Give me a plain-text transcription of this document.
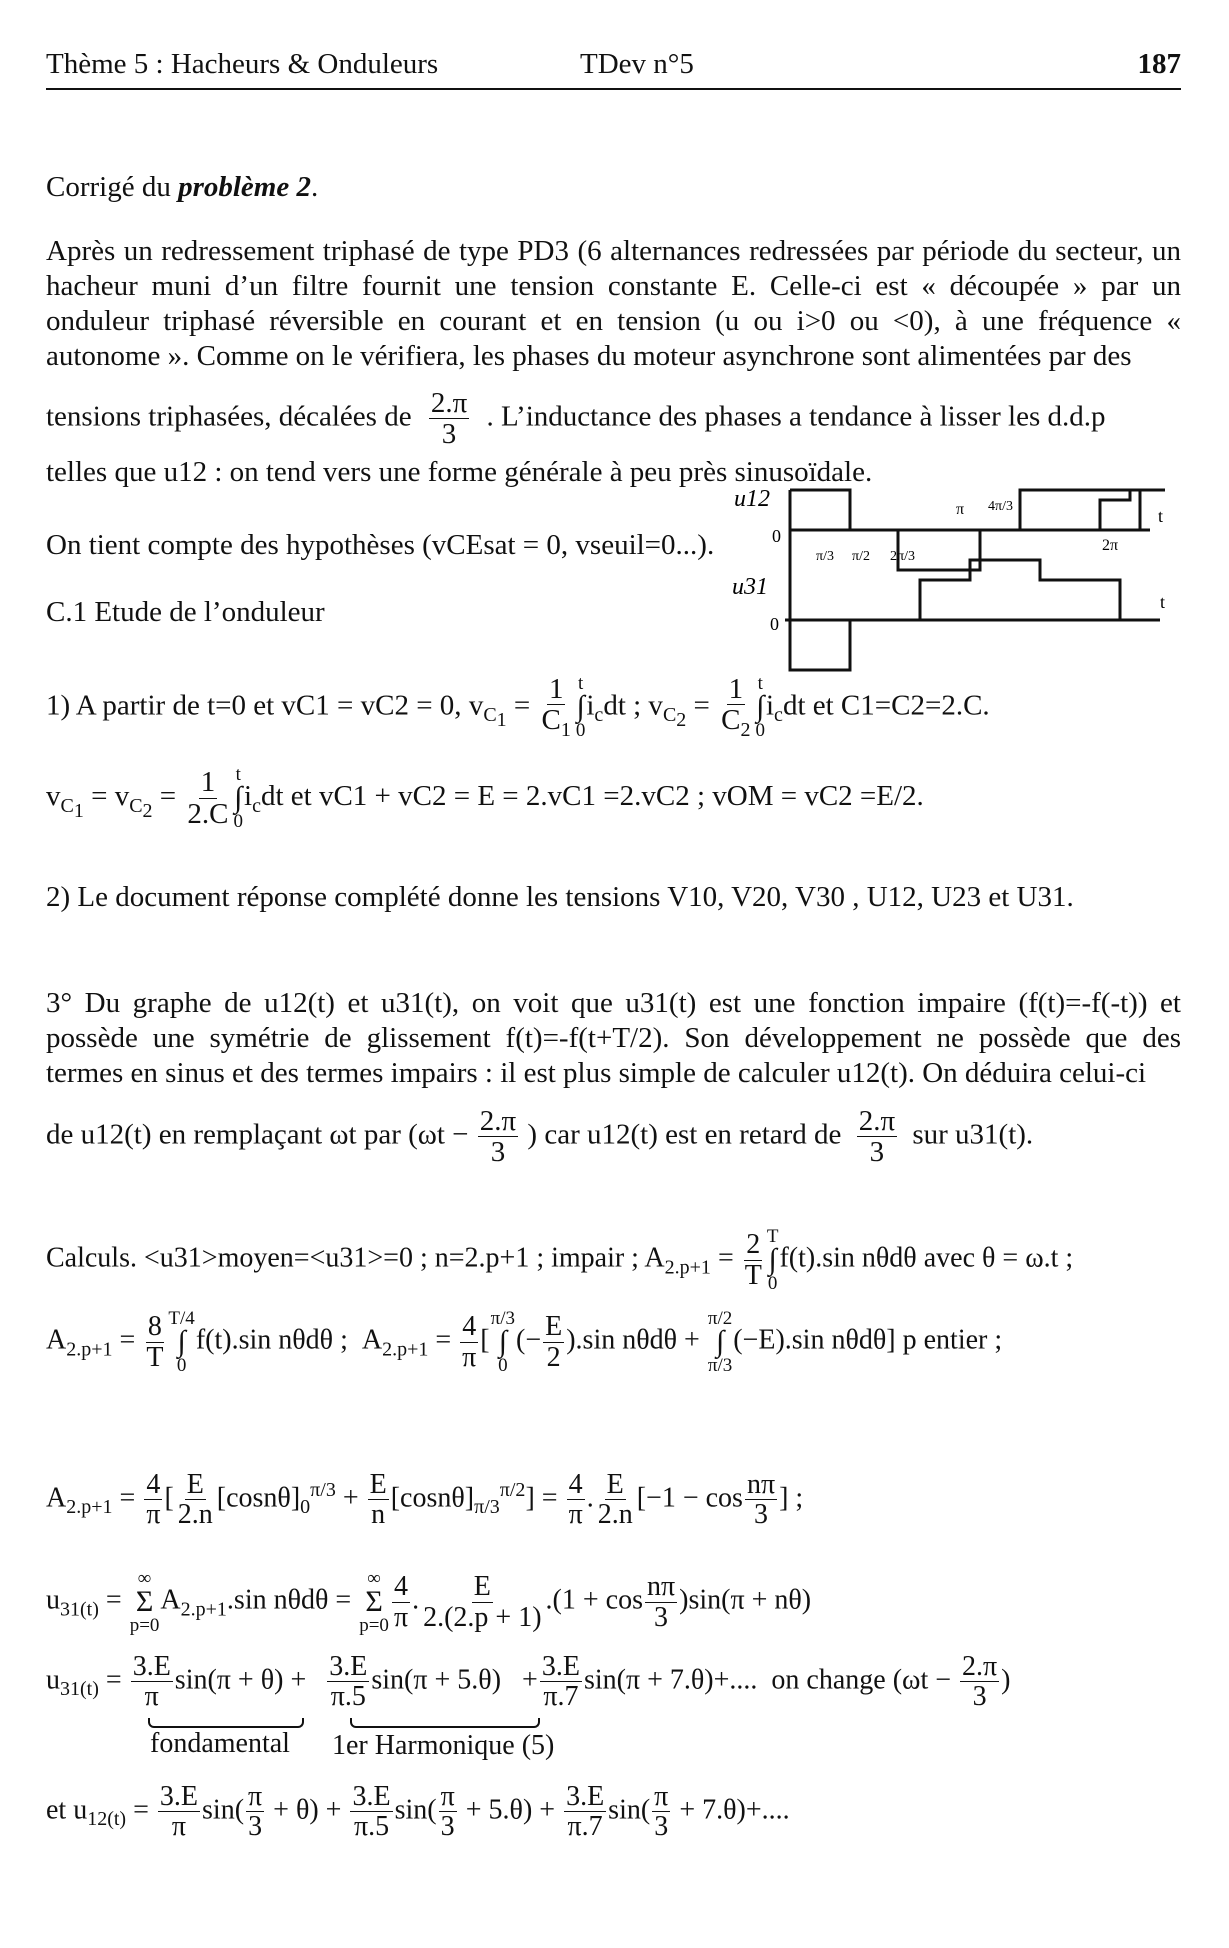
Thème 5 : Hacheurs & Onduleurs	TDev n°5	187
Corrigé du problème 2.
Après un redressement triphasé de type PD3 (6 alternances redressées par période du secteur, un hacheur muni d’un filtre fournit une tension constante E. Celle-ci est « découpée » par un onduleur triphasé réversible en courant et en tension (u ou i>0 ou <0), à une fréquence « autonome ». Comme on le vérifiera, les phases du moteur asynchrone sont alimentées par des
tensions triphasées, décalées de $\frac{2.\pi}{3}$ . L’inductance des phases a tendance à lisser les d.d.p
telles que u12 : on tend vers une forme générale à peu près sinusoïdale.
On tient compte des hypothèses (vCEsat = 0, vseuil=0...).
C.1 Etude de l’onduleur
u12
u31
0
0
π/3 π/2 2π/3
π 4π/3
2π
t
t
1) A partir de t=0 et vC1 = vC2 = 0, $v_{C_1} = \frac{1}{C_1}$ t
∫
0
$i_cdt$ ; $v_{C_2} = \frac{1}{C_2}$ t
∫
0
$i_cdt$ et C1=C2=2.C.
$v_{C_1} = v_{C_2} = \frac{1}{2.C}$ t
∫
0
$i_cdt$ et vC1 + vC2 = E = 2.vC1 =2.vC2 ; vOM = vC2 =E/2.
2) Le document réponse complété donne les tensions V10, V20, V30 , U12, U23 et U31.
3° Du graphe de u12(t) et u31(t), on voit que u31(t) est une fonction impaire (f(t)=-f(-t)) et possède une symétrie de glissement f(t)=-f(t+T/2). Son développement ne possède que des termes en sinus et des termes impairs : il est plus simple de calculer u12(t). On déduira celui-ci
de u12(t) en remplaçant ωt par ($\omega t - \frac{2.\pi}{3}$ ) car u12(t) est en retard de $\frac{2.\pi}{3}$ sur u31(t).
Calculs. <u31>moyen=<u31>=0 ; n=2.p+1 ; impair ; $A_{2.p+1} = \frac{2}{T}$ T
∫
0
f(t).sin nθdθ avec θ = ω.t ;
$A_{2.p+1} = \frac{8}{T} T/4$
∫
0
f(t).sin nθdθ ;  $A_{2.p+1} = \frac{4}{\pi}$ [
π/3
∫
0
(− $\frac{E}{2} ).\sin$ nθdθ +
π/2
∫
π/3
(−E).sin nθdθ] p entier ;
$A_{2.p+1} = \frac{4}{\pi}$ [ $\frac{E}{2.n} [\cos n\theta]_0^{\pi/3} + \frac{E}{n} [\cos n\theta]_{\pi/3}^{\pi/2}] = \frac{4}{\pi}$ . $\frac{E}{2.n} [-1 - \cos \frac{n\pi}{3}$ ] ;
$u_{31(t)}$ =
∞
Σ
p=0
$A_{2.p+1}.\sin$ nθdθ =
∞
Σ
$p=0 \frac{4}{\pi}$ . $\frac{E}{2.(2.p + 1)} .(1 + \cos \frac{n\pi}{3} )\sin(\pi + n\theta)$
$u_{31(t)} = \frac{3.E}{\pi} \sin(\pi + \theta) + \frac{3.E}{\pi.5} \sin(\pi + 5.\theta) + \frac{3.E}{\pi.7} \sin(\pi + 7.\theta)+$....  on change ($\omega t - \frac{2.\pi}{3}$ )
fondamental 1er Harmonique (5)
et $u_{12(t)} = \frac{3.E}{\pi} \sin( \frac{\pi}{3} + \theta) + \frac{3.E}{\pi.5} \sin( \frac{\pi}{3} + 5.\theta) + \frac{3.E}{\pi.7} \sin( \frac{\pi}{3} + 7.\theta)+$....
